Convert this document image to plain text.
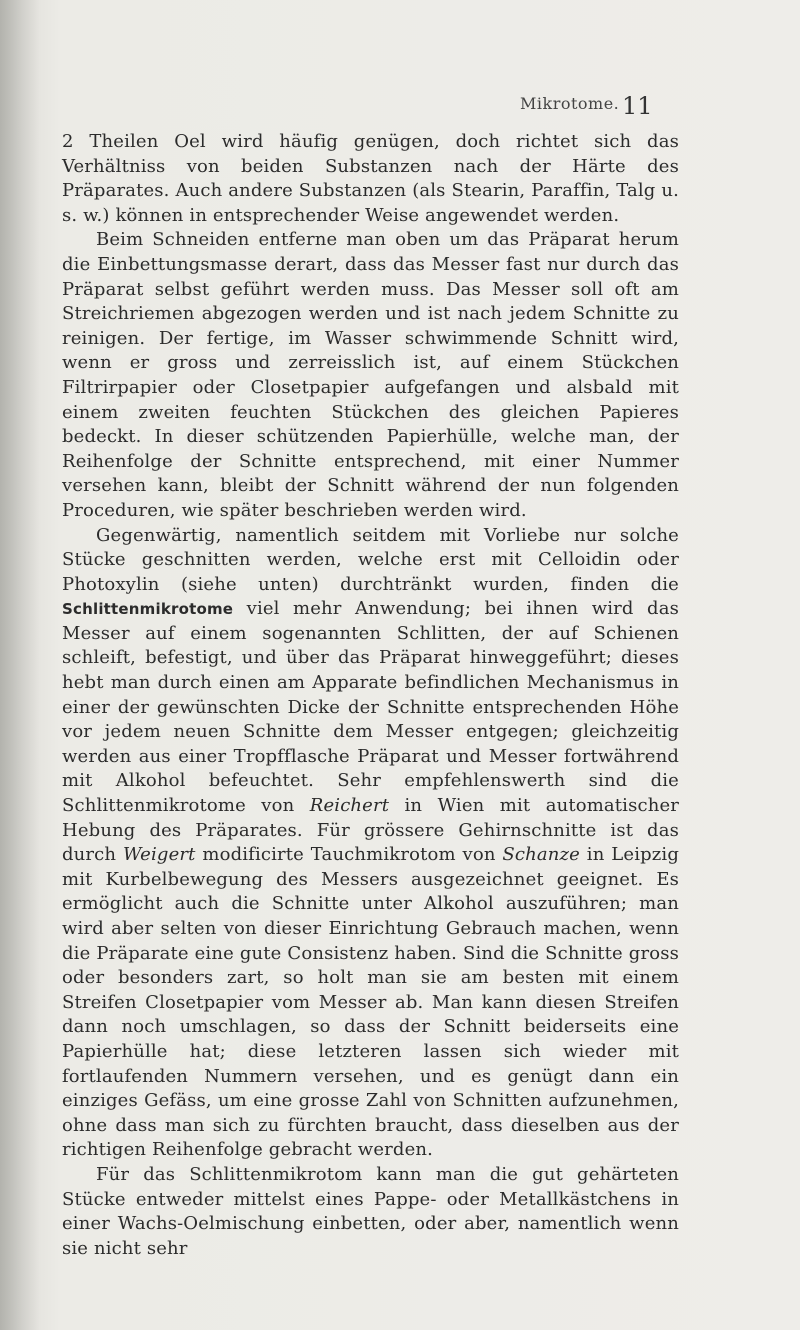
Mikrotome. 11

2 Theilen Oel wird häufig genügen, doch richtet sich das Verhältniss von beiden Substanzen nach der Härte des Präparates. Auch andere Substanzen (als Stearin, Paraffin, Talg u. s. w.) können in entsprechender Weise angewendet werden.

Beim Schneiden entferne man oben um das Präparat herum die Einbettungsmasse derart, dass das Messer fast nur durch das Präparat selbst geführt werden muss. Das Messer soll oft am Streichriemen abgezogen werden und ist nach jedem Schnitte zu reinigen. Der fertige, im Wasser schwimmende Schnitt wird, wenn er gross und zerreisslich ist, auf einem Stückchen Filtrirpapier oder Closetpapier aufgefangen und alsbald mit einem zweiten feuchten Stückchen des gleichen Papieres bedeckt. In dieser schützenden Papierhülle, welche man, der Reihenfolge der Schnitte entsprechend, mit einer Nummer versehen kann, bleibt der Schnitt während der nun folgenden Proceduren, wie später beschrieben werden wird.

Gegenwärtig, namentlich seitdem mit Vorliebe nur solche Stücke geschnitten werden, welche erst mit Celloidin oder Photoxylin (siehe unten) durchtränkt wurden, finden die Schlittenmikrotome viel mehr Anwendung; bei ihnen wird das Messer auf einem sogenannten Schlitten, der auf Schienen schleift, befestigt, und über das Präparat hinweggeführt; dieses hebt man durch einen am Apparate befindlichen Mechanismus in einer der gewünschten Dicke der Schnitte entsprechenden Höhe vor jedem neuen Schnitte dem Messer entgegen; gleichzeitig werden aus einer Tropfflasche Präparat und Messer fortwährend mit Alkohol befeuchtet. Sehr empfehlenswerth sind die Schlittenmikrotome von Reichert in Wien mit automatischer Hebung des Präparates. Für grössere Gehirnschnitte ist das durch Weigert modificirte Tauchmikrotom von Schanze in Leipzig mit Kurbelbewegung des Messers ausgezeichnet geeignet. Es ermöglicht auch die Schnitte unter Alkohol auszuführen; man wird aber selten von dieser Einrichtung Gebrauch machen, wenn die Präparate eine gute Consistenz haben. Sind die Schnitte gross oder besonders zart, so holt man sie am besten mit einem Streifen Closetpapier vom Messer ab. Man kann diesen Streifen dann noch umschlagen, so dass der Schnitt beiderseits eine Papierhülle hat; diese letzteren lassen sich wieder mit fortlaufenden Nummern versehen, und es genügt dann ein einziges Gefäss, um eine grosse Zahl von Schnitten aufzunehmen, ohne dass man sich zu fürchten braucht, dass dieselben aus der richtigen Reihenfolge gebracht werden.

Für das Schlittenmikrotom kann man die gut gehärteten Stücke entweder mittelst eines Pappe- oder Metallkästchens in einer Wachs-Oelmischung einbetten, oder aber, namentlich wenn sie nicht sehr
